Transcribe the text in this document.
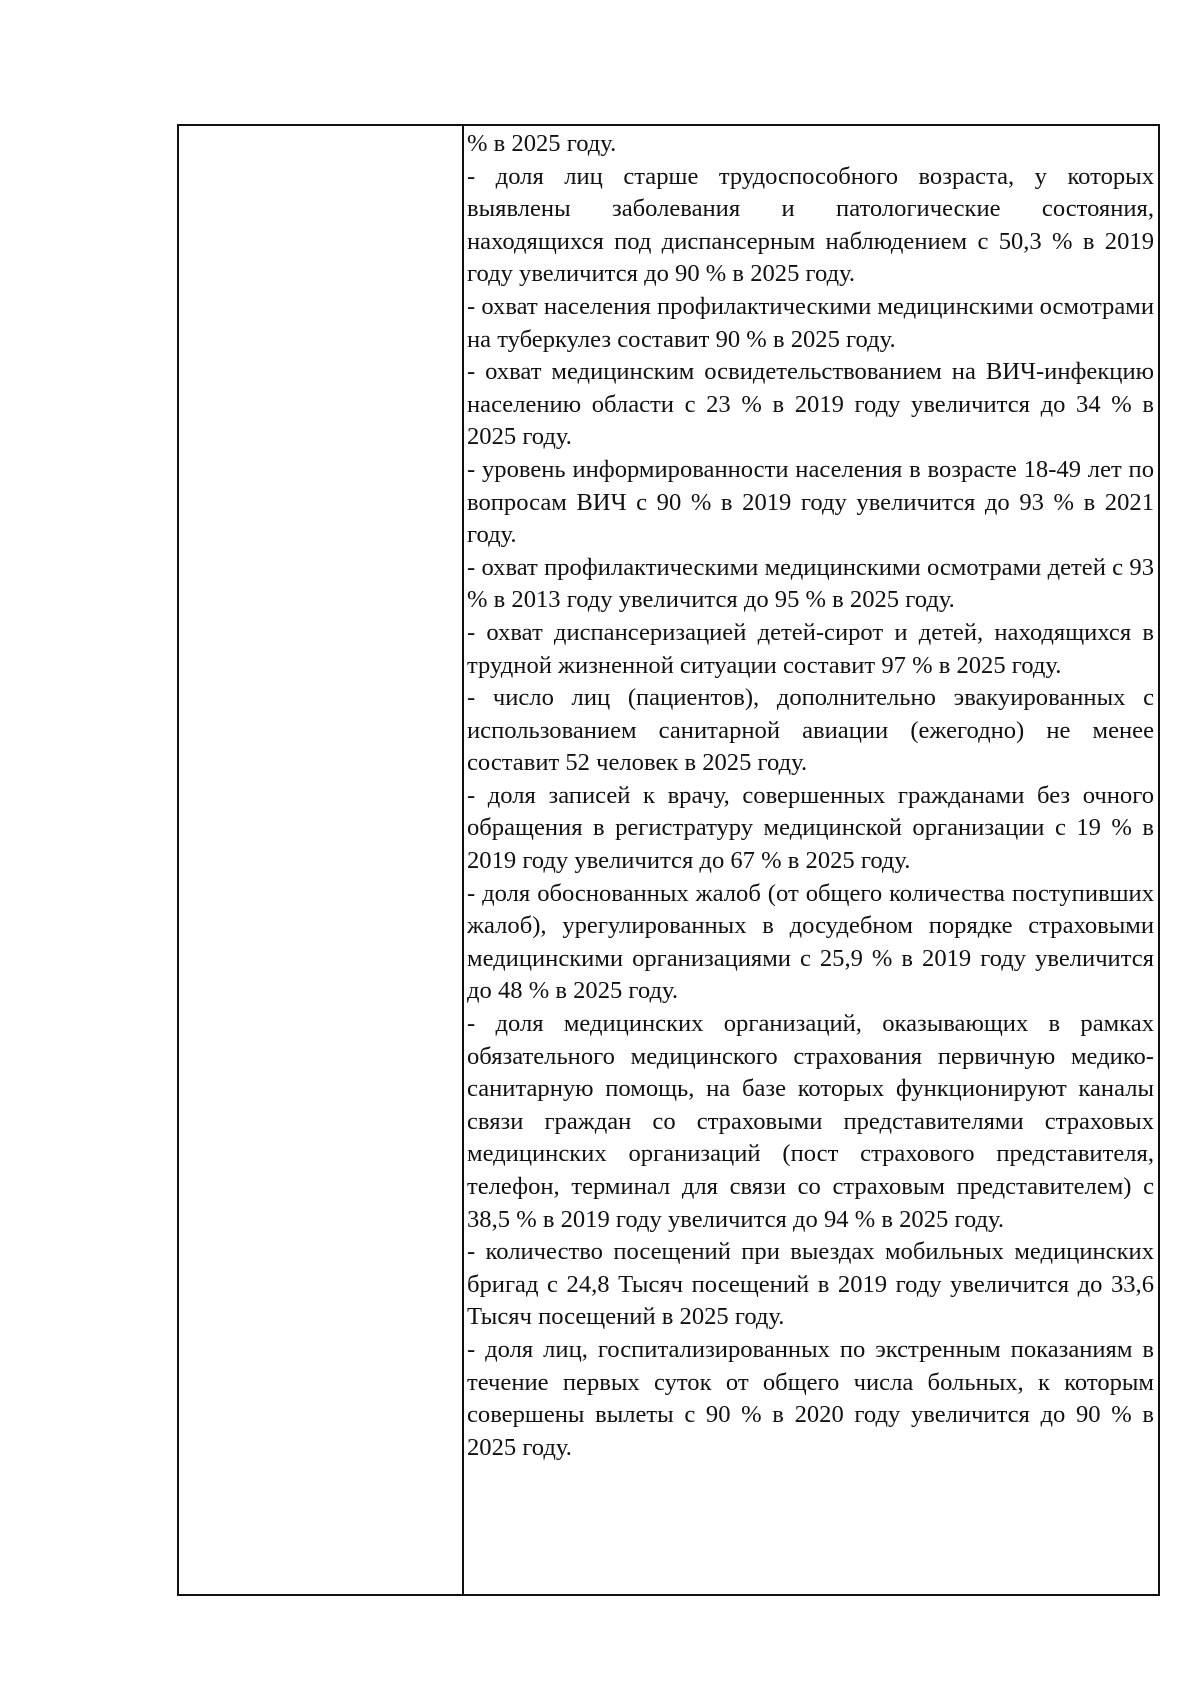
% в 2025 году.

- доля лиц старше трудоспособного возраста, у которых выявлены заболевания и патологические состояния, находящихся под диспансерным наблюдением с 50,3 % в 2019 году увеличится до 90 % в 2025 году.

- охват населения профилактическими медицинскими осмотрами на туберкулез составит 90 % в 2025 году.

- охват медицинским освидетельствованием на ВИЧ-инфекцию населению области с 23 % в 2019 году увеличится до 34 % в 2025 году.

- уровень информированности населения в возрасте 18-49 лет по вопросам ВИЧ с 90 % в 2019 году увеличится до 93 % в 2021 году.

- охват профилактическими медицинскими осмотрами детей с 93 % в 2013 году увеличится до 95 % в 2025 году.

- охват диспансеризацией детей-сирот и детей, находящихся в трудной жизненной ситуации составит 97 % в 2025 году.

- число лиц (пациентов), дополнительно эвакуированных с использованием санитарной авиации (ежегодно) не менее составит 52 человек в 2025 году.

- доля записей к врачу, совершенных гражданами без очного обращения в регистратуру медицинской организации с 19 % в 2019 году увеличится до 67 % в 2025 году.

- доля обоснованных жалоб (от общего количества поступивших жалоб), урегулированных в досудебном порядке страховыми медицинскими организациями с 25,9 % в 2019 году увеличится до 48 % в 2025 году.

- доля медицинских организаций, оказывающих в рамках обязательного медицинского страхования первичную медико-санитарную помощь, на базе которых функционируют каналы связи граждан со страховыми представителями страховых медицинских организаций (пост страхового представителя, телефон, терминал для связи со страховым представителем) с 38,5 % в 2019 году увеличится до 94 % в 2025 году.

- количество посещений при выездах мобильных медицинских бригад с 24,8 Тысяч посещений в 2019 году увеличится до 33,6 Тысяч посещений в 2025 году.

- доля лиц, госпитализированных по экстренным показаниям в течение первых суток от общего числа больных, к которым совершены вылеты с 90 % в 2020 году увеличится до 90 % в 2025 году.
